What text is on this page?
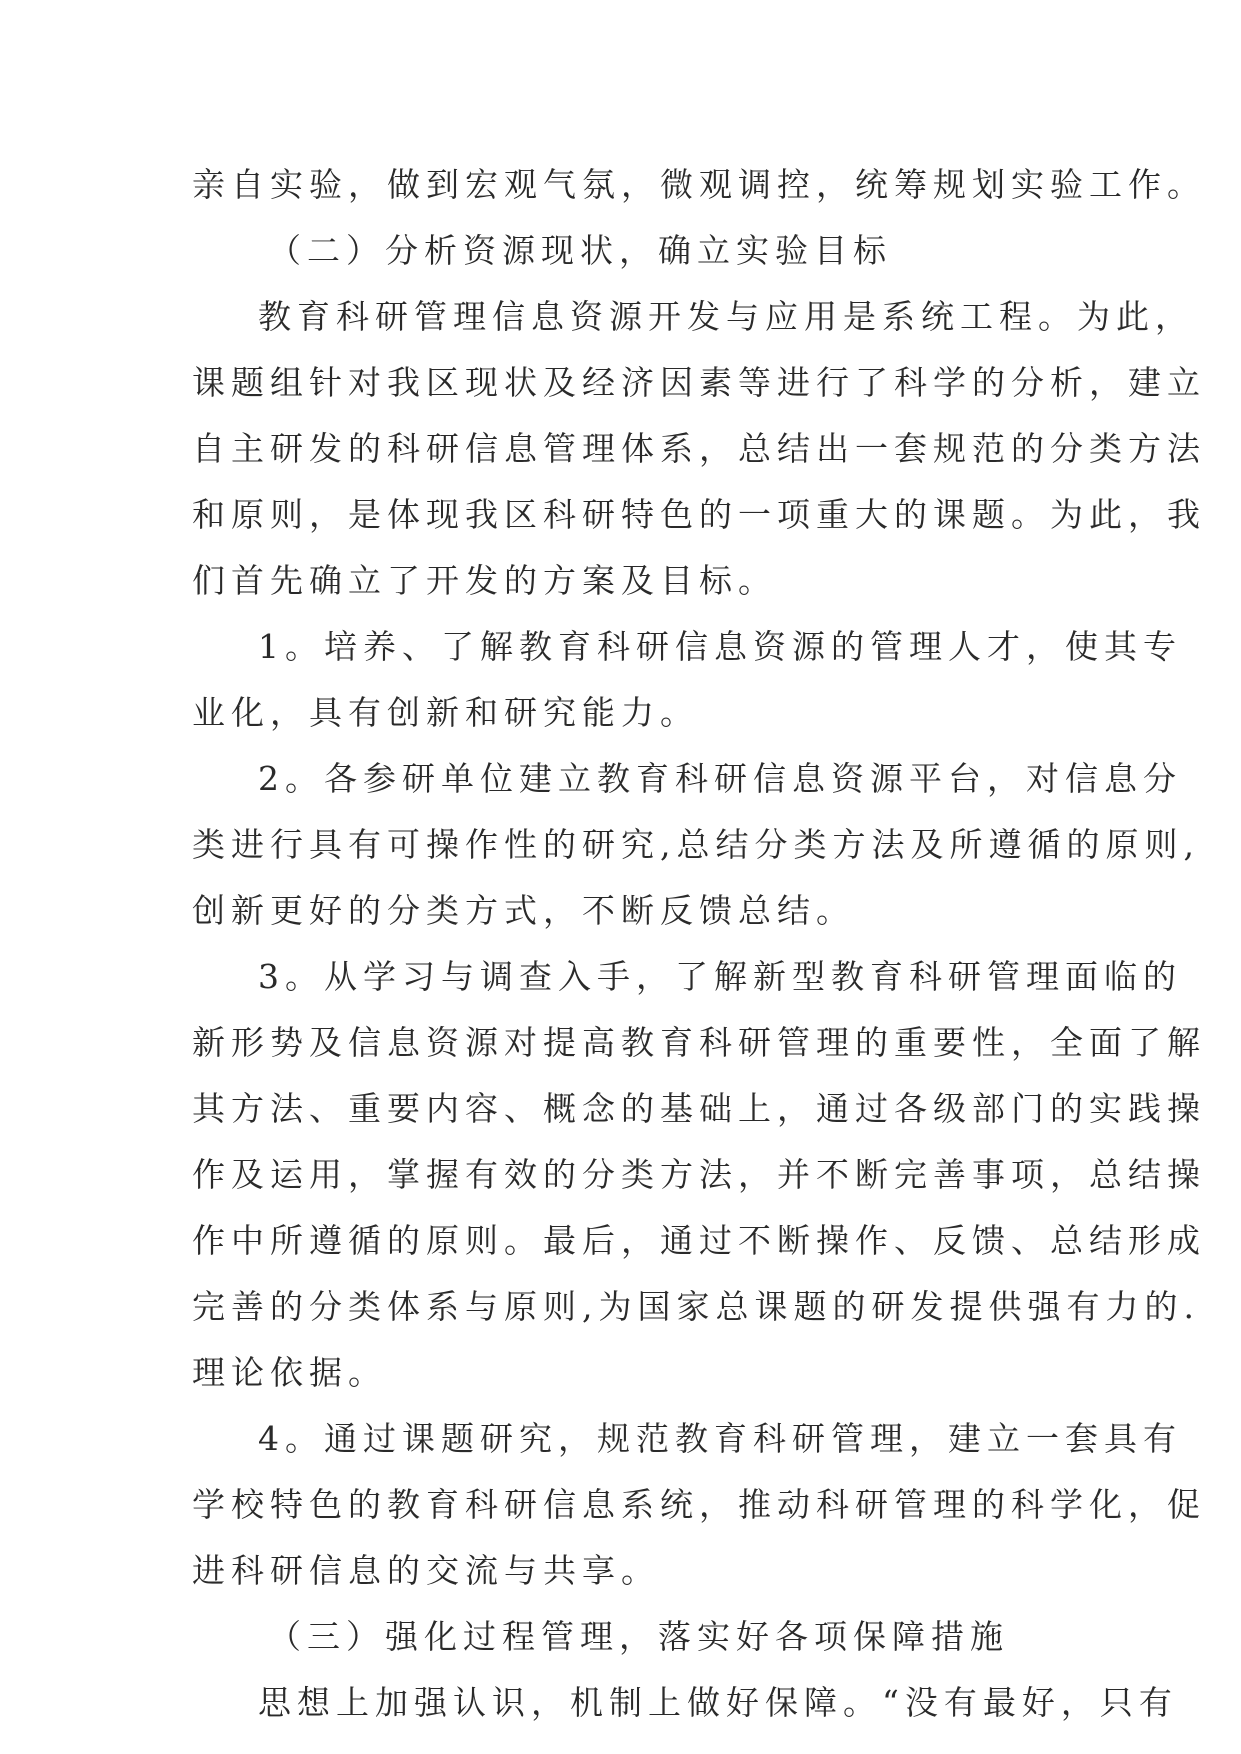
亲自实验，做到宏观气氛，微观调控，统筹规划实验工作。
（二）分析资源现状，确立实验目标
教育科研管理信息资源开发与应用是系统工程。为此，
课题组针对我区现状及经济因素等进行了科学的分析，建立
自主研发的科研信息管理体系，总结出一套规范的分类方法
和原则，是体现我区科研特色的一项重大的课题。为此，我
们首先确立了开发的方案及目标。
1。培养、了解教育科研信息资源的管理人才，使其专
业化，具有创新和研究能力。
2。各参研单位建立教育科研信息资源平台，对信息分
类进行具有可操作性的研究,总结分类方法及所遵循的原则,
创新更好的分类方式，不断反馈总结。
3。从学习与调查入手，了解新型教育科研管理面临的
新形势及信息资源对提高教育科研管理的重要性，全面了解
其方法、重要内容、概念的基础上，通过各级部门的实践操
作及运用，掌握有效的分类方法，并不断完善事项，总结操
作中所遵循的原则。最后，通过不断操作、反馈、总结形成
完善的分类体系与原则,为国家总课题的研发提供强有力的.
理论依据。
4。通过课题研究，规范教育科研管理，建立一套具有
学校特色的教育科研信息系统，推动科研管理的科学化，促
进科研信息的交流与共享。
（三）强化过程管理，落实好各项保障措施
思想上加强认识，机制上做好保障。“没有最好，只有
